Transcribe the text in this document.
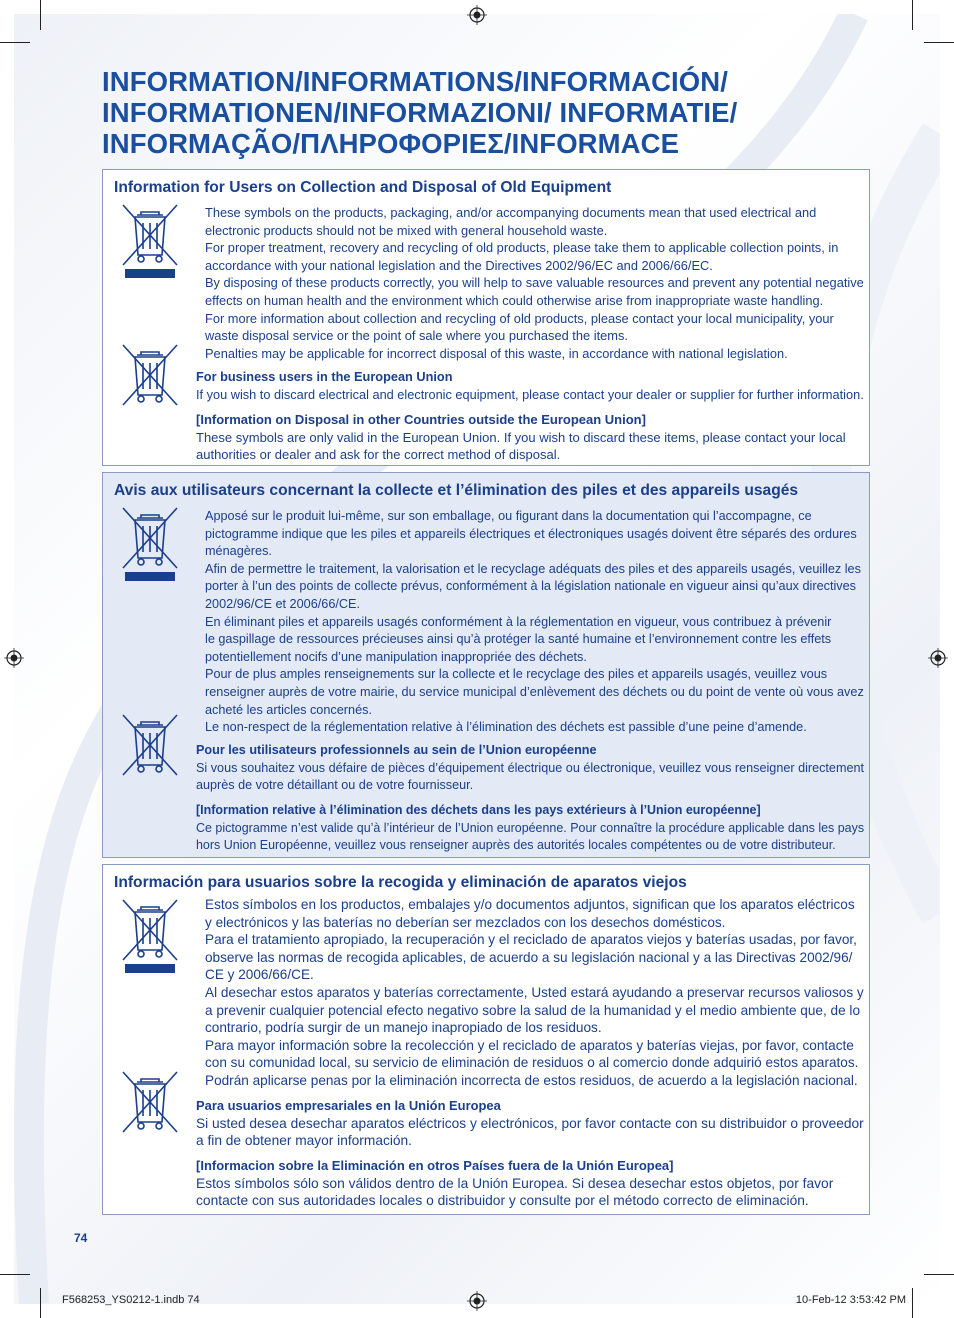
INFORMATION/INFORMATIONS/INFORMACIÓN/
INFORMATIONEN/INFORMAZIONI/ INFORMATIE/
INFORMAÇÃO/ΠΛΗΡΟΦΟΡΙΕΣ/INFORMACE
Information for Users on Collection and Disposal of Old Equipment

These symbols on the products, packaging, and/or accompanying documents mean that used electrical and

electronic products should not be mixed with general household waste.

For proper treatment, recovery and recycling of old products, please take them to applicable collection points, in

accordance with your national legislation and the Directives 2002/96/EC and 2006/66/EC.

By disposing of these products correctly, you will help to save valuable resources and prevent any potential negative

effects on human health and the environment which could otherwise arise from inappropriate waste handling.

For more information about collection and recycling of old products, please contact your local municipality, your

waste disposal service or the point of sale where you purchased the items.

Penalties may be applicable for incorrect disposal of this waste, in accordance with national legislation.

For business users in the European Union

If you wish to discard electrical and electronic equipment, please contact your dealer or supplier for further information.

[Information on Disposal in other Countries outside the European Union]

These symbols are only valid in the European Union. If you wish to discard these items, please contact your local

authorities or dealer and ask for the correct method of disposal.

Avis aux utilisateurs concernant la collecte et l’élimination des piles et des appareils usagés

Apposé sur le produit lui-même, sur son emballage, ou figurant dans la documentation qui l’accompagne, ce

pictogramme indique que les piles et appareils électriques et électroniques usagés doivent être séparés des ordures

ménagères.

Afin de permettre le traitement, la valorisation et le recyclage adéquats des piles et des appareils usagés, veuillez les

porter à l’un des points de collecte prévus, conformément à la législation nationale en vigueur ainsi qu’aux directives

2002/96/CE et 2006/66/CE.

En éliminant piles et appareils usagés conformément à la réglementation en vigueur, vous contribuez à prévenir

le gaspillage de ressources précieuses ainsi qu’à protéger la santé humaine et l’environnement contre les effets

potentiellement nocifs d’une manipulation inappropriée des déchets.

Pour de plus amples renseignements sur la collecte et le recyclage des piles et appareils usagés, veuillez vous

renseigner auprès de votre mairie, du service municipal d’enlèvement des déchets ou du point de vente où vous avez

acheté les articles concernés.

Le non-respect de la réglementation relative à l’élimination des déchets est passible d’une peine d’amende.

Pour les utilisateurs professionnels au sein de l’Union européenne

Si vous souhaitez vous défaire de pièces d’équipement électrique ou électronique, veuillez vous renseigner directement

auprès de votre détaillant ou de votre fournisseur.

[Information relative à l’élimination des déchets dans les pays extérieurs à l’Union européenne]

Ce pictogramme n’est valide qu’à l’intérieur de l’Union européenne. Pour connaître la procédure applicable dans les pays

hors Union Européenne, veuillez vous renseigner auprès des autorités locales compétentes ou de votre distributeur.

Información para usuarios sobre la recogida y eliminación de aparatos viejos

Estos símbolos en los productos, embalajes y/o documentos adjuntos, significan que los aparatos eléctricos

y electrónicos y las baterías no deberían ser mezclados con los desechos domésticos.

Para el tratamiento apropiado, la recuperación y el reciclado de aparatos viejos y baterías usadas, por favor,

observe las normas de recogida aplicables, de acuerdo a su legislación nacional y a las Directivas 2002/96/

CE y 2006/66/CE.

Al desechar estos aparatos y baterías correctamente, Usted estará ayudando a preservar recursos valiosos y

a prevenir cualquier potencial efecto negativo sobre la salud de la humanidad y el medio ambiente que, de lo

contrario, podría surgir de un manejo inapropiado de los residuos.

Para mayor información sobre la recolección y el reciclado de aparatos y baterías viejas, por favor, contacte

con su comunidad local, su servicio de eliminación de residuos o al comercio donde adquirió estos aparatos.

Podrán aplicarse penas por la eliminación incorrecta de estos residuos, de acuerdo a la legislación nacional.

Para usuarios empresariales en la Unión Europea

Si usted desea desechar aparatos eléctricos y electrónicos, por favor contacte con su distribuidor o proveedor

a fin de obtener mayor información.

[Informacion sobre la Eliminación en otros Países fuera de la Unión Europea]

Estos símbolos sólo son válidos dentro de la Unión Europea. Si desea desechar estos objetos, por favor

contacte con sus autoridades locales o distribuidor y consulte por el método correcto de eliminación.

74
F568253_YS0212-1.indb 74	10-Feb-12 3:53:42 PM
